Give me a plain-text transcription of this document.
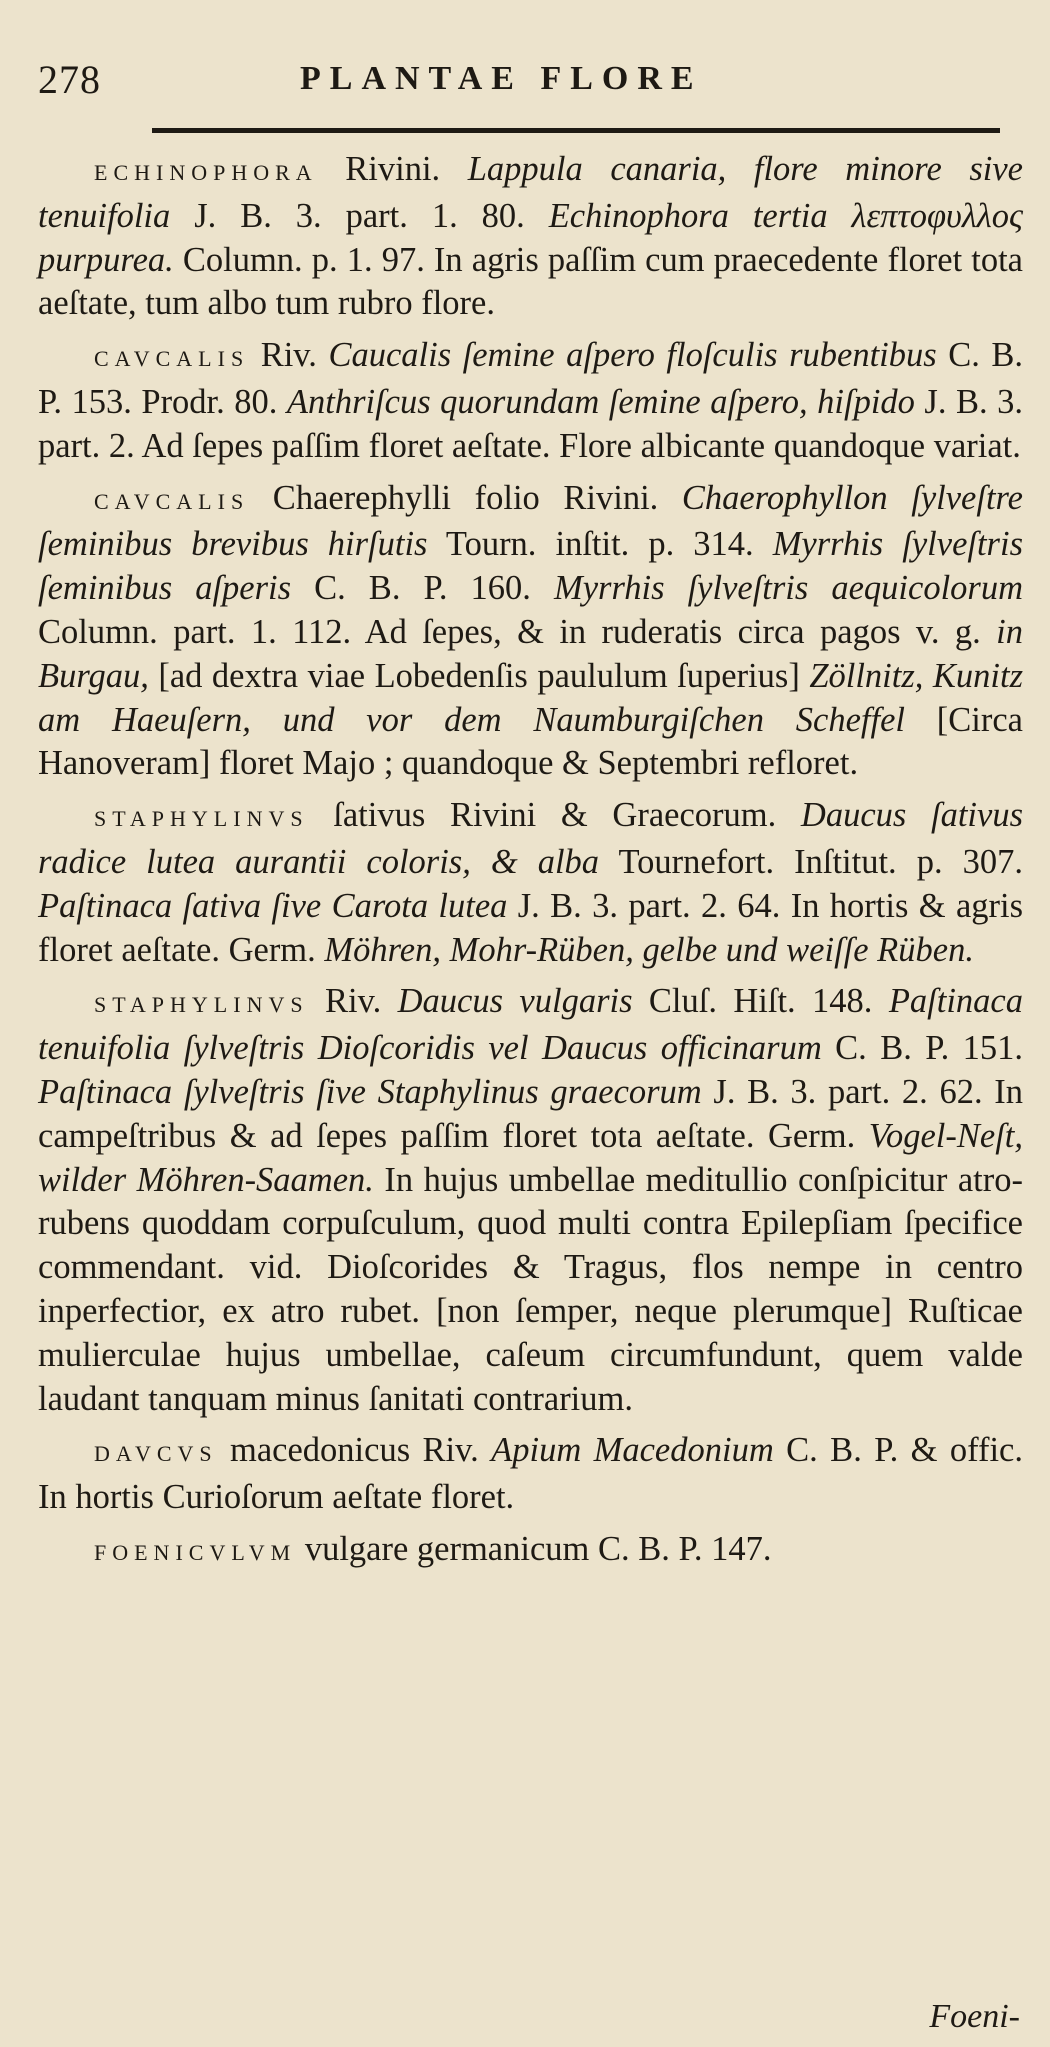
278	PLANTAE FLORE

ECHINOPHORA Rivini. Lappula canaria, flore minore sive tenuifolia J. B. 3. part. 1. 80. Echinophora tertia λεπτοφυλλος purpurea. Column. p. 1. 97. In agris paſſim cum praecedente floret tota aeſtate, tum albo tum rubro flore.

CAVCALIS Riv. Caucalis ſemine aſpero floſculis rubentibus C. B. P. 153. Prodr. 80. Anthriſcus quorundam ſemine aſpero, hiſpido J. B. 3. part. 2. Ad ſepes paſſim floret aeſtate. Flore albicante quandoque variat.

CAVCALIS Chaerephylli folio Rivini. Chaerophyllon ſylveſtre ſeminibus brevibus hirſutis Tourn. inſtit. p. 314. Myrrhis ſylveſtris ſeminibus aſperis C. B. P. 160. Myrrhis ſylveſtris aequicolorum Column. part. 1. 112. Ad ſepes, & in ruderatis circa pagos v. g. in Burgau, [ad dextra viae Lobedenſis paululum ſuperius] Zöllnitz, Kunitz am Haeuſern, und vor dem Naumburgiſchen Scheffel [Circa Hanoveram] floret Majo ; quandoque & Septembri refloret.

STAPHYLINVS ſativus Rivini & Graecorum. Daucus ſativus radice lutea aurantii coloris, & alba Tournefort. Inſtitut. p. 307. Paſtinaca ſativa ſive Carota lutea J. B. 3. part. 2. 64. In hortis & agris floret aeſtate. Germ. Möhren, Mohr-Rüben, gelbe und weiſſe Rüben.

STAPHYLINVS Riv. Daucus vulgaris Cluſ. Hiſt. 148. Paſtinaca tenuifolia ſylveſtris Dioſcoridis vel Daucus officinarum C. B. P. 151. Paſtinaca ſylveſtris ſive Staphylinus graecorum J. B. 3. part. 2. 62. In campeſtribus & ad ſepes paſſim floret tota aeſtate. Germ. Vogel-Neſt, wilder Möhren-Saamen. In hujus umbellae meditullio conſpicitur atro-rubens quoddam corpuſculum, quod multi contra Epilepſiam ſpecifice commendant. vid. Dioſcorides & Tragus, flos nempe in centro inperfectior, ex atro rubet. [non ſemper, neque plerumque] Ruſticae mulierculae hujus umbellae, caſeum circumfundunt, quem valde laudant tanquam minus ſanitati contrarium.

DAVCVS macedonicus Riv. Apium Macedonium C. B. P. & offic. In hortis Curioſorum aeſtate floret.

FOENICVLVM vulgare germanicum C. B. P. 147.

Foeni-
